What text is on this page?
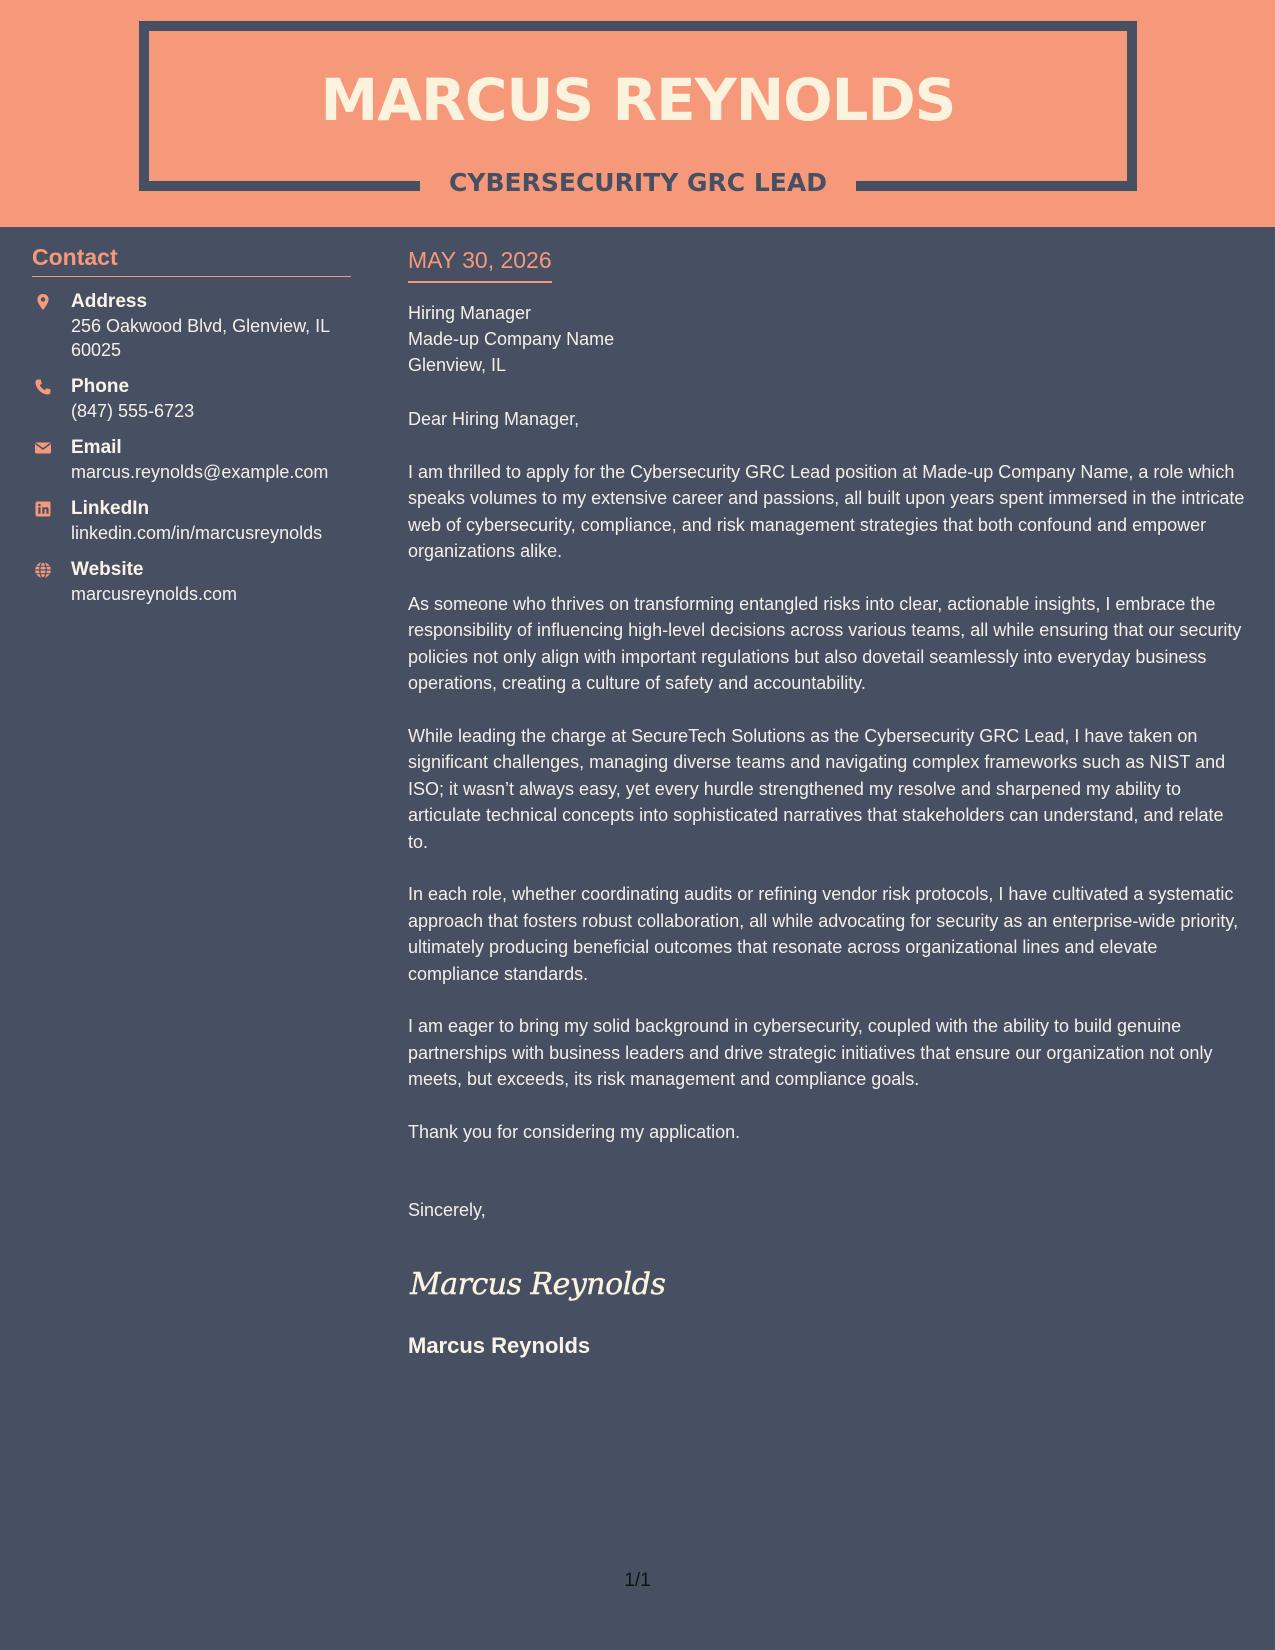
MARCUS REYNOLDS
CYBERSECURITY GRC LEAD
Contact
Address
256 Oakwood Blvd, Glenview, IL 60025
Phone
(847) 555-6723
Email
marcus.reynolds@example.com
LinkedIn
linkedin.com/in/marcusreynolds
Website
marcusreynolds.com
MAY 30, 2026
Hiring Manager
Made-up Company Name
Glenview, IL

Dear Hiring Manager,

I am thrilled to apply for the Cybersecurity GRC Lead position at Made-up Company Name, a role which speaks volumes to my extensive career and passions, all built upon years spent immersed in the intricate web of cybersecurity, compliance, and risk management strategies that both confound and empower organizations alike.

As someone who thrives on transforming entangled risks into clear, actionable insights, I embrace the responsibility of influencing high-level decisions across various teams, all while ensuring that our security policies not only align with important regulations but also dovetail seamlessly into everyday business operations, creating a culture of safety and accountability.

While leading the charge at SecureTech Solutions as the Cybersecurity GRC Lead, I have taken on significant challenges, managing diverse teams and navigating complex frameworks such as NIST and ISO; it wasn’t always easy, yet every hurdle strengthened my resolve and sharpened my ability to articulate technical concepts into sophisticated narratives that stakeholders can understand, and relate to.

In each role, whether coordinating audits or refining vendor risk protocols, I have cultivated a systematic approach that fosters robust collaboration, all while advocating for security as an enterprise-wide priority, ultimately producing beneficial outcomes that resonate across organizational lines and elevate compliance standards.

I am eager to bring my solid background in cybersecurity, coupled with the ability to build genuine partnerships with business leaders and drive strategic initiatives that ensure our organization not only meets, but exceeds, its risk management and compliance goals.

Thank you for considering my application.

Sincerely,

Marcus Reynolds
Marcus Reynolds
1/1
